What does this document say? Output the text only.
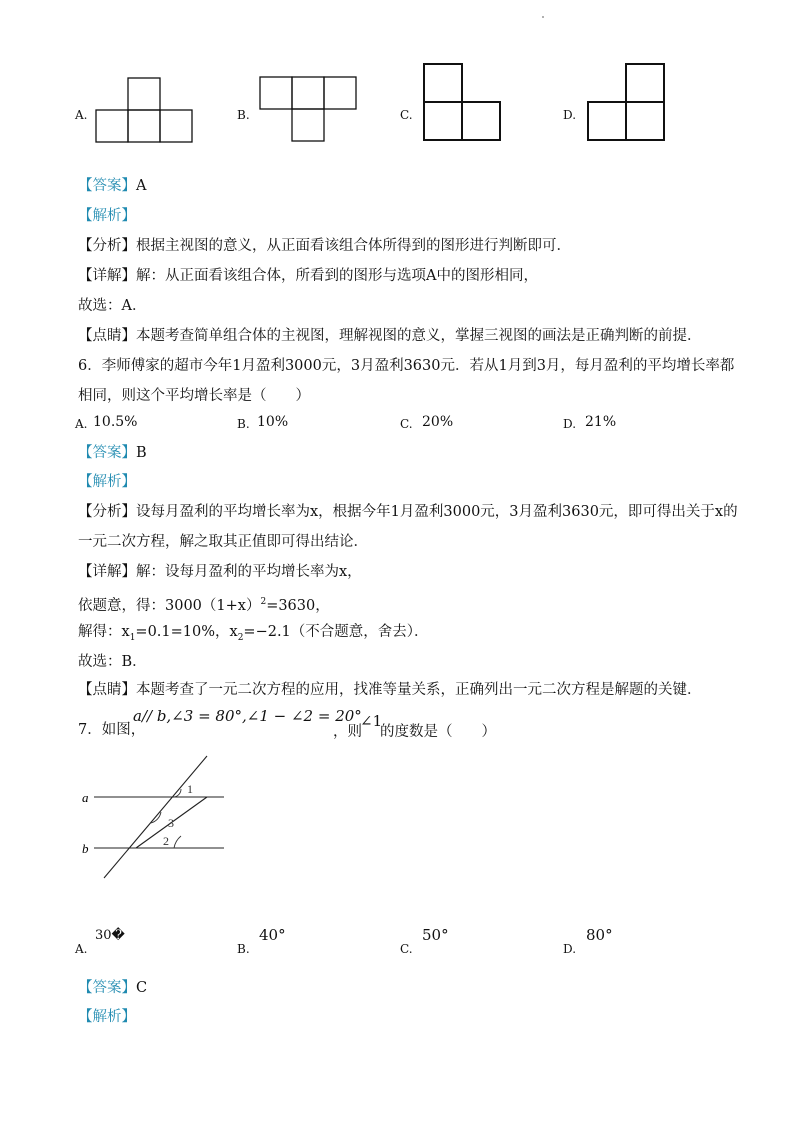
A.	B.	C.	D.
【答案】A
【解析】
【分析】根据主视图的意义，从正面看该组合体所得到的图形进行判断即可．
【详解】解：从正面看该组合体，所看到的图形与选项A中的图形相同，
故选：A．
【点睛】本题考查简单组合体的主视图，理解视图的意义，掌握三视图的画法是正确判断的前提．
6．李师傅家的超市今年1月盈利3000元，3月盈利3630元．若从1月到3月，每月盈利的平均增长率都
相同，则这个平均增长率是（　　）
A. 10.5%	B. 10%	C. 20%	D. 21%
【答案】B
【解析】
【分析】设每月盈利的平均增长率为x，根据今年1月盈利3000元，3月盈利3630元，即可得出关于x的
一元二次方程，解之取其正值即可得出结论．
【详解】解：设每月盈利的平均增长率为x，
依题意，得：$3000(1+x)^2=3630$，
解得：$x_1=0.1=10\%$，$x_2=-2.1$（不合题意，舍去）．
故选：B．
【点睛】本题考查了一元二次方程的应用，找准等量关系，正确列出一元二次方程是解题的关键．
7．如图，
a// b,∠3 = 80°,∠1 − ∠2 = 20°
，则
∠1
的度数是（　　）
a
b
1
2
3
A.
30�
B.
40°
C.
50°
D.
80°
【答案】C
【解析】
